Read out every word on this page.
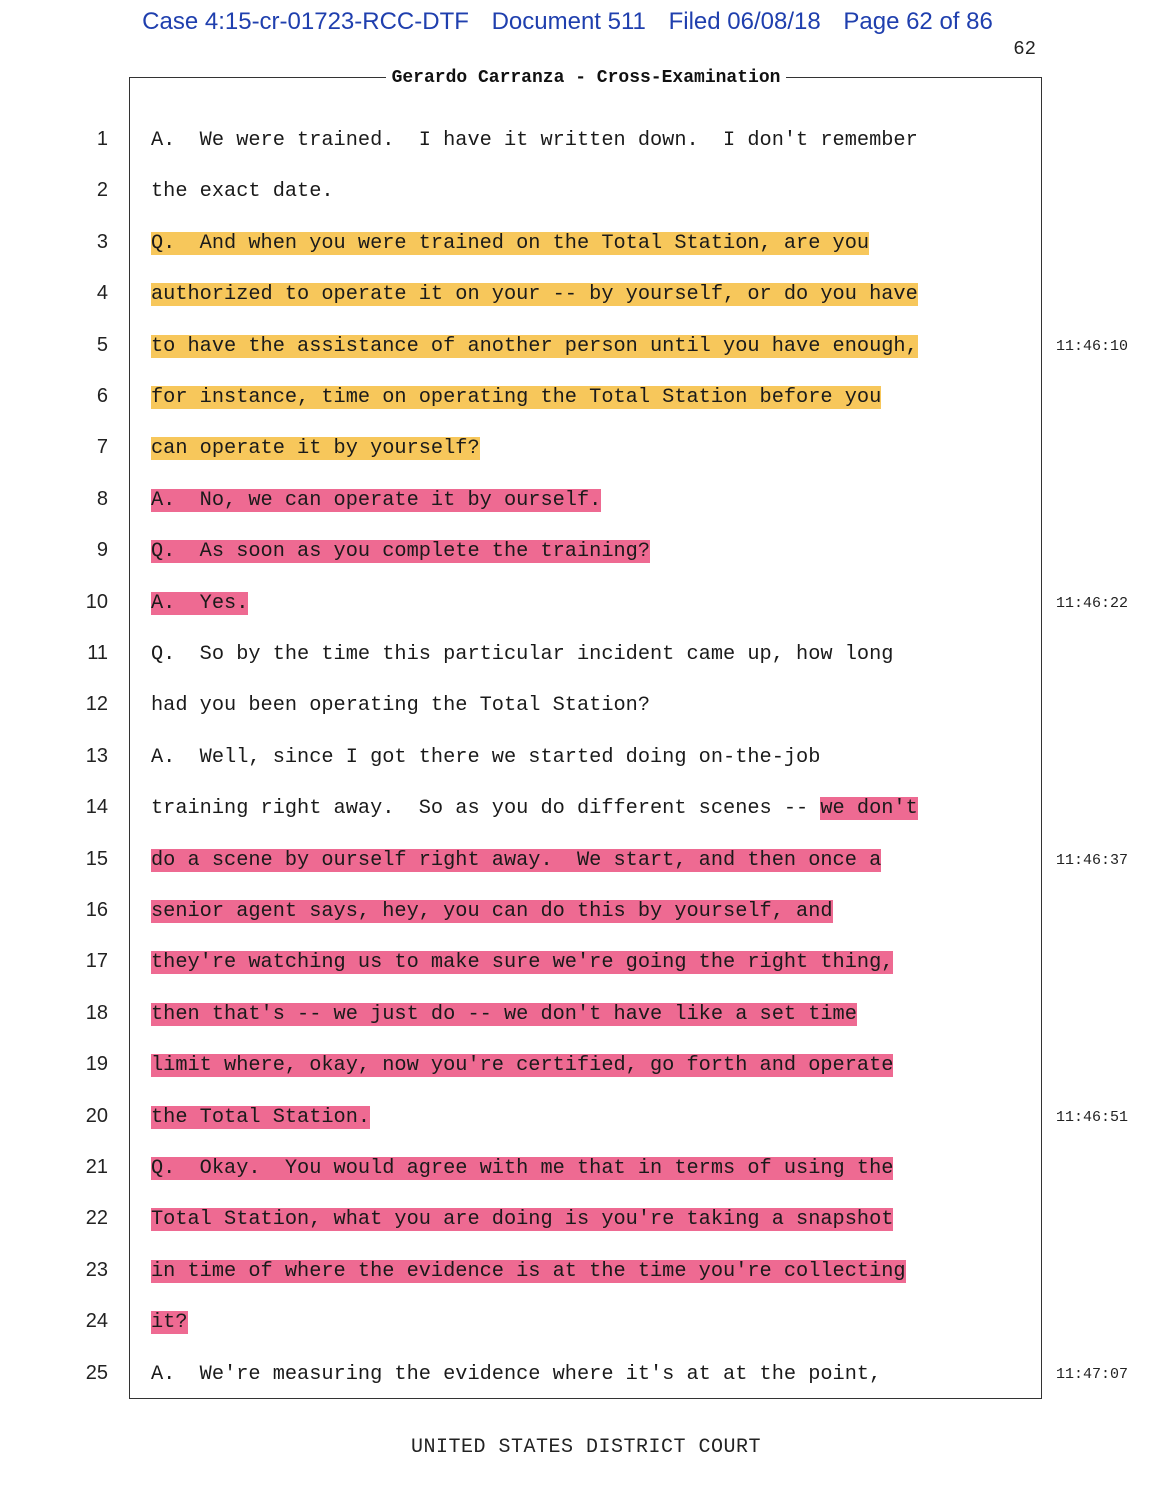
Case 4:15-cr-01723-RCC-DTF Document 511 Filed 06/08/18 Page 62 of 86
62
Gerardo Carranza - Cross-Examination
1 A.  We were trained.  I have it written down.  I don't remember
2 the exact date.
3 Q.  And when you were trained on the Total Station, are you
4 authorized to operate it on your -- by yourself, or do you have
5 to have the assistance of another person until you have enough,	11:46:10
6 for instance, time on operating the Total Station before you
7 can operate it by yourself?
8 A.  No, we can operate it by ourself.
9 Q.  As soon as you complete the training?
10 A.  Yes.	11:46:22
11 Q.  So by the time this particular incident came up, how long
12 had you been operating the Total Station?
13 A.  Well, since I got there we started doing on-the-job
14 training right away.  So as you do different scenes -- we don't
15 do a scene by ourself right away.  We start, and then once a	11:46:37
16 senior agent says, hey, you can do this by yourself, and
17 they're watching us to make sure we're going the right thing,
18 then that's -- we just do -- we don't have like a set time
19 limit where, okay, now you're certified, go forth and operate
20 the Total Station.	11:46:51
21 Q.  Okay.  You would agree with me that in terms of using the
22 Total Station, what you are doing is you're taking a snapshot
23 in time of where the evidence is at the time you're collecting
24 it?
25 A.  We're measuring the evidence where it's at at the point,	11:47:07
UNITED STATES DISTRICT COURT
